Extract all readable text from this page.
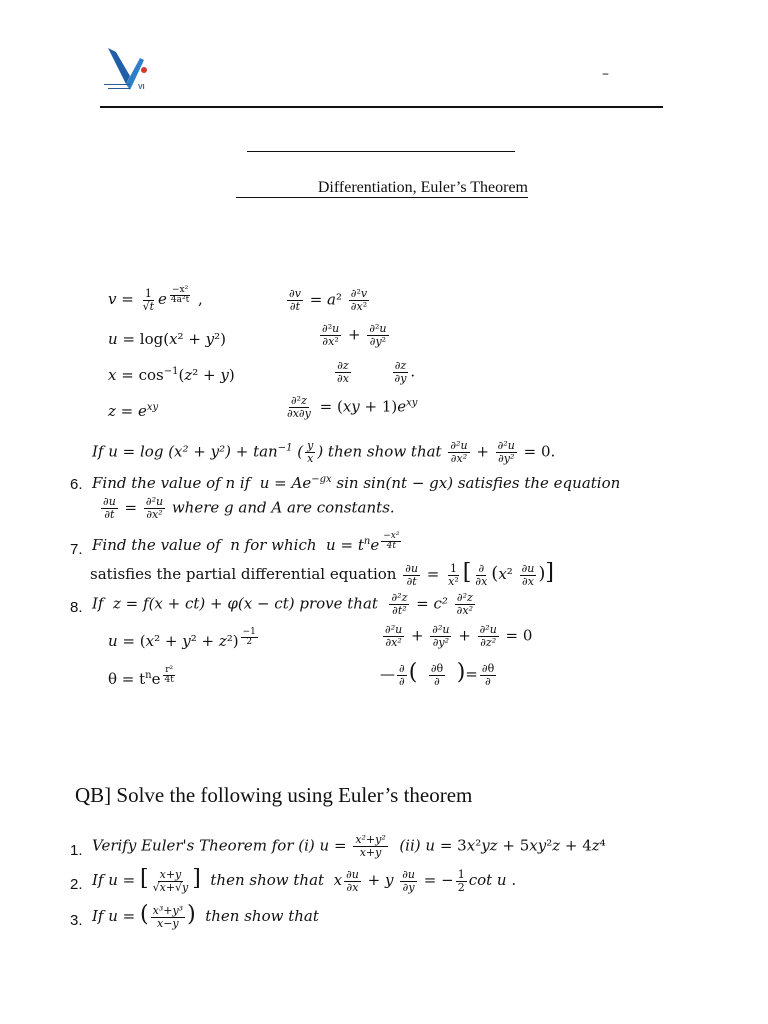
VI
–
Differentiation, Euler’s Theorem
$v = \frac{1}{√t}$ e $^{\frac{\text{−x²}}{\text{4a²t}}}$ ,	$\frac{\partial v}{\partial t} = a^2 \frac{\text{∂²v}}{\text{∂x²}}$
u = log(x² + y²)	$\frac{\text{∂²u}}{\text{∂x²}} + \frac{\text{∂²u}}{\text{∂y²}}$
$x = \cos^{-1}(z^2 + y)$	$\frac{\partial z}{\partial x}$
	$\frac{\partial z}{\partial y}$ .
$z = e^{xy}$	$\frac{\text{∂²z}}{\partial x\partial y} = (xy + 1)e^{xy}$
If $u = \log (x^2 + y^2) + \tan^{-1}$ ( $\frac{y}{x}$ ) then show that $\frac{\text{∂²u}}{\text{∂x²}} + \frac{\text{∂²u}}{\text{∂y²}} = 0$.
6. Find the value of n if  $u = Ae^{-gx}$ sin sin(nt − gx) satisfies the equation
$\frac{\partial u}{\partial t} = \frac{\text{∂²u}}{\text{∂x²}}$ where g and A are constants.
7. Find the value of  n for which  $u = t^ne$ $^{\frac{\text{−x²}}{4t}}$
satisfies the partial differential equation $\frac{\partial u}{\partial t} = \frac{1}{\text{x²}}$ [ $\frac{\partial}{\partial x} (x^2 \frac{\partial u}{\partial x}$ )]
8. If  z = f(x + ct) + φ(x − ct) prove that $\frac{\text{∂²z}}{\text{∂t²}} = c^2 \frac{\text{∂²z}}{\text{∂x²}}$
u = (x² + y² + z²) $^{\frac{-1}{2}}$	$\frac{\text{∂²u}}{\text{∂x²}} + \frac{\text{∂²u}}{\text{∂y²}} + \frac{\text{∂²u}}{\text{∂z²}} = 0$
$\theta = t^ne$ $^{\frac{\text{r²}}{4t}}$	— $\frac{\partial}{\partial}$ ( $\frac{\partial\theta}{\partial}$ )= $\frac{\partial\theta}{\partial}$
QB] Solve the following using Euler’s theorem
1. Verify Euler's Theorem for (i) $u = \frac{\text{x²+y²}}{x+y} (ii) u = 3x^2yz + 5xy^2z + 4z^4$
2. If u = [ $\frac{x+y}{√x+√y}$ ] then show that  x $\frac{\partial u}{\partial x} + y \frac{\partial u}{\partial y}$ = − $\frac{1}{2}$ cot u .
3. If u = ( $\frac{\text{x³+y³}}{x-y}$ ) then show that
